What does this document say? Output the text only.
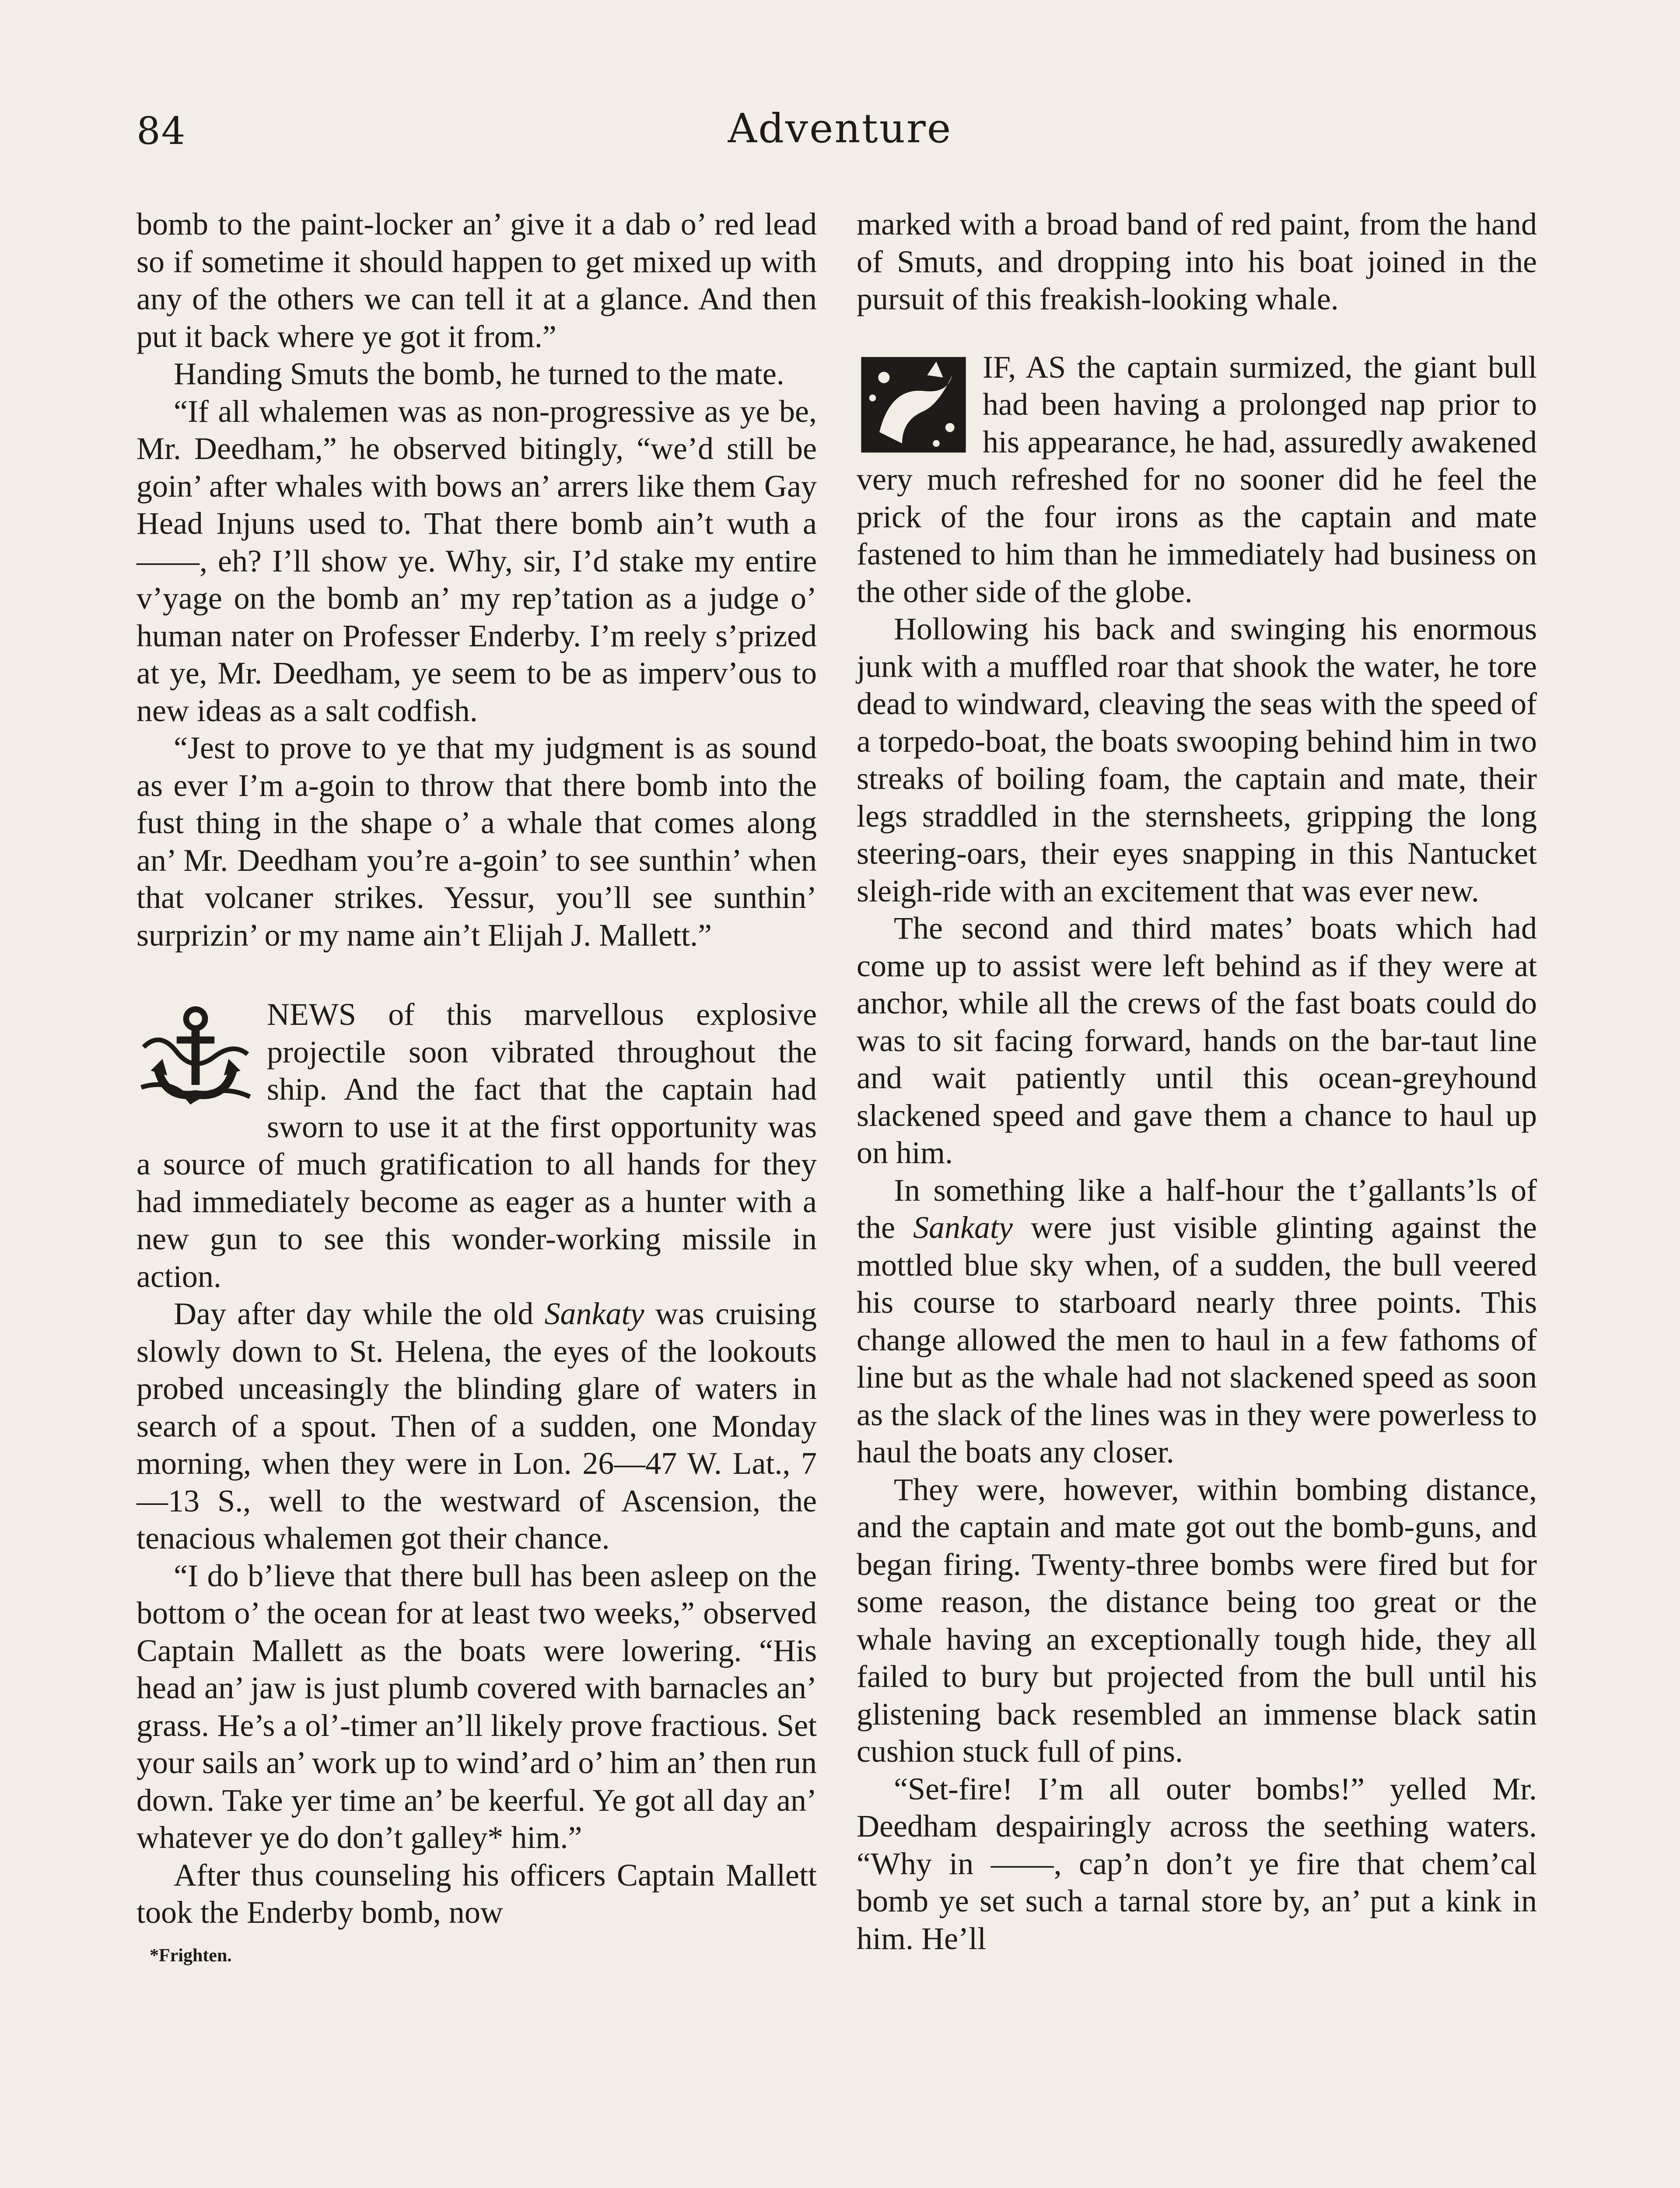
84	Adventure

bomb to the paint-locker an’ give it a dab o’ red lead so if sometime it should happen to get mixed up with any of the others we can tell it at a glance. And then put it back where ye got it from.”

Handing Smuts the bomb, he turned to the mate.

“If all whalemen was as non-progressive as ye be, Mr. Deedham,” he observed bitingly, “we’d still be goin’ after whales with bows an’ arrers like them Gay Head Injuns used to. That there bomb ain’t wuth a ——, eh? I’ll show ye. Why, sir, I’d stake my entire v’yage on the bomb an’ my rep’tation as a judge o’ human nater on Professer Enderby. I’m reely s’prized at ye, Mr. Deedham, ye seem to be as imperv’ous to new ideas as a salt codfish.

“Jest to prove to ye that my judgment is as sound as ever I’m a-goin to throw that there bomb into the fust thing in the shape o’ a whale that comes along an’ Mr. Deedham you’re a-goin’ to see sunthin’ when that volcaner strikes. Yessur, you’ll see sunthin’ surprizin’ or my name ain’t Elijah J. Mallett.”

NEWS of this marvellous explosive projectile soon vibrated throughout the ship. And the fact that the captain had sworn to use it at the first opportunity was a source of much gratification to all hands for they had immediately become as eager as a hunter with a new gun to see this wonder-working missile in action.

Day after day while the old Sankaty was cruising slowly down to St. Helena, the eyes of the lookouts probed unceasingly the blinding glare of waters in search of a spout. Then of a sudden, one Monday morning, when they were in Lon. 26—47 W. Lat., 7—13 S., well to the westward of Ascension, the tenacious whalemen got their chance.

“I do b’lieve that there bull has been asleep on the bottom o’ the ocean for at least two weeks,” observed Captain Mallett as the boats were lowering. “His head an’ jaw is just plumb covered with barnacles an’ grass. He’s a ol’-timer an’ll likely prove fractious. Set your sails an’ work up to wind’ard o’ him an’ then run down. Take yer time an’ be keerful. Ye got all day an’ whatever ye do don’t galley* him.”

After thus counseling his officers Captain Mallett took the Enderby bomb, now

*Frighten.

marked with a broad band of red paint, from the hand of Smuts, and dropping into his boat joined in the pursuit of this freakish-looking whale.

IF, AS the captain surmized, the giant bull had been having a prolonged nap prior to his appearance, he had, assuredly awakened very much refreshed for no sooner did he feel the prick of the four irons as the captain and mate fastened to him than he immediately had business on the other side of the globe.

Hollowing his back and swinging his enormous junk with a muffled roar that shook the water, he tore dead to windward, cleaving the seas with the speed of a torpedo-boat, the boats swooping behind him in two streaks of boiling foam, the captain and mate, their legs straddled in the sternsheets, gripping the long steering-oars, their eyes snapping in this Nantucket sleigh-ride with an excitement that was ever new.

The second and third mates’ boats which had come up to assist were left behind as if they were at anchor, while all the crews of the fast boats could do was to sit facing forward, hands on the bar-taut line and wait patiently until this ocean-greyhound slackened speed and gave them a chance to haul up on him.

In something like a half-hour the t’gallants’ls of the Sankaty were just visible glinting against the mottled blue sky when, of a sudden, the bull veered his course to starboard nearly three points. This change allowed the men to haul in a few fathoms of line but as the whale had not slackened speed as soon as the slack of the lines was in they were powerless to haul the boats any closer.

They were, however, within bombing distance, and the captain and mate got out the bomb-guns, and began firing. Twenty-three bombs were fired but for some reason, the distance being too great or the whale having an exceptionally tough hide, they all failed to bury but projected from the bull until his glistening back resembled an immense black satin cushion stuck full of pins.

“Set-fire! I’m all outer bombs!” yelled Mr. Deedham despairingly across the seething waters. “Why in ——, cap’n don’t ye fire that chem’cal bomb ye set such a tarnal store by, an’ put a kink in him. He’ll
